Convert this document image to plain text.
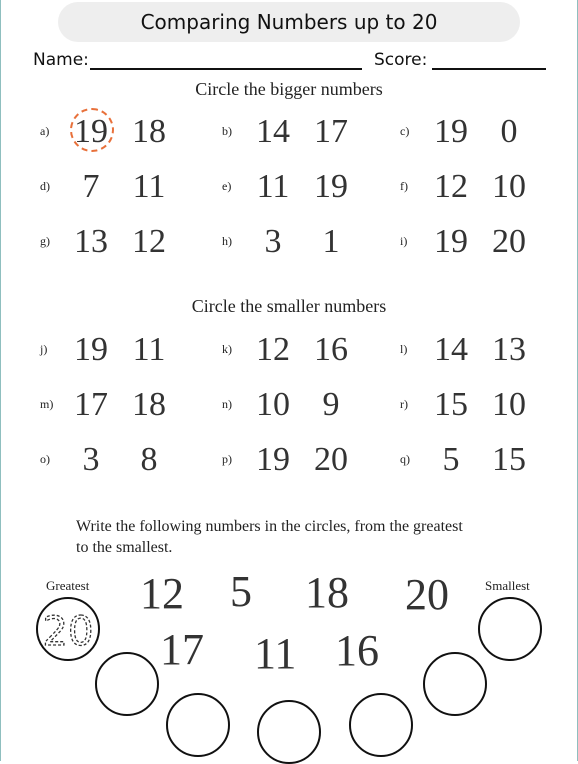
Comparing Numbers up to 20
Name:	Score:
Circle the bigger numbers
a) 19 18	b) 14 17	c) 19 0
d) 7 11	e) 11 19	f) 12 10
g) 13 12	h) 3	1	i) 19 20
Circle the smaller numbers
j) 19 11	k) 12 16	l) 14 13
m) 17 18	n) 10 9	r) 15 10
o) 3	8	p) 19 20	q) 5 15
Write the following numbers in the circles, from the greatest
to the smallest.
Greatest	Smallest
12 5 18 20
17 11 16
20
